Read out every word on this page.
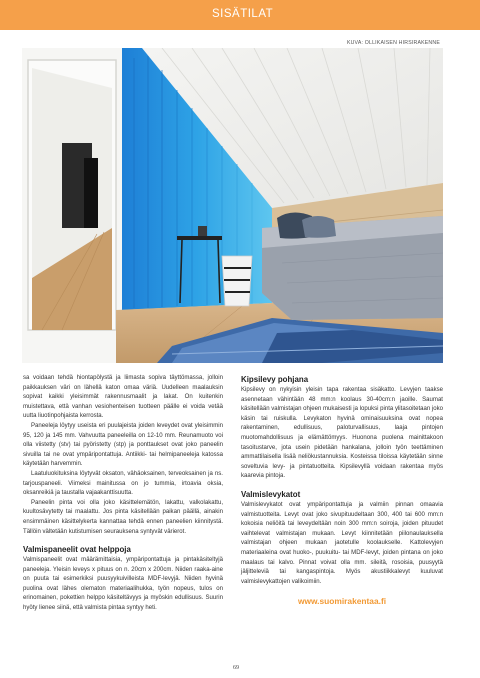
SISÄTILAT
KUVA: OLLIKAISEN HIRSIRAKENNE

sa voidaan tehdä hiontapölystä ja liimasta sopiva täyttömassa, jolloin paikkauksen väri on lähellä katon omaa väriä. Uudelleen maalauksin sopivat kaikki yleisimmät rakennusmaalit ja lakat. On kuitenkin muistettava, että vanhan vesiohenteisen tuotteen päälle ei voida vetää uutta liuotinpohjaista kerrosta.

Paneeleja löytyy useista eri puulajeista joiden leveydet ovat yleisimmin 95, 120 ja 145 mm. Vahvuutta paneeleilla on 12-10 mm. Reunamuoto voi olla viistetty (stv) tai pyöristetty (stp) ja ponttaukset ovat joko paneelin sivuilla tai ne ovat ympäripontattuja. Antiikki- tai helmipaneeleja katossa käytetään harvemmin.

Laatuluokituksina löytyvät oksaton, vähäoksainen, terveoksainen ja ns. tarjouspaneeli. Viimeksi mainitussa on jo tummia, irtoavia oksia, oksanreikiä ja taustalla vajaakanttisuutta.

Paneelin pinta voi olla joko käsittelemätön, lakattu, valkolakattu, kuultosävytetty tai maalattu. Jos pinta käsitellään paikan päällä, ainakin ensimmäinen käsittelykerta kannattaa tehdä ennen paneelien kiinnitystä. Tällöin vältetään kutistumisen seurauksena syntyvät värierot.

Valmispaneelit ovat helppoja

Valmispaneelit ovat määrämittaisia, ympäripontattuja ja pintakäsiteltyjä paneeleja. Yleisin leveys x pituus on n. 20cm x 200cm. Niiden raaka-aine on puuta tai esimerkiksi puusyykuivilleista MDF-levyjä. Niiden hyvinä puolina ovat lähes olematon materiaalihukka, työn nopeus, tulos on erinomainen, pokettien helppo käsiteltävyys ja myöskin edullisuus. Suurin hyöty lienee siinä, että valmista pintaa syntyy heti.

Kipsilevy pohjana

Kipsilevy on nykyisin yleisin tapa rakentaa sisäkatto. Levyjen taakse asennetaan vähintään 48 mm:n koolaus 30-40cm:n jaoille. Saumat käsitellään valmistajan ohjeen mukaisesti ja lopuksi pinta ylitasoitetaan joko käsin tai ruiskulla. Levykaton hyvinä ominaisuuksina ovat nopea rakentaminen, edullisuus, paloturvallisuus, laaja pintojen muotomahdollisuus ja elämättömyys. Huonona puolena mainittakoon tasoitustarve, jota usein pidetään hankalana, jolloin työn teettäminen ammattilaisella lisää neliökustannuksia. Kosteissa tiloissa käytetään sinne soveltuvia levy- ja pintatuotteita. Kipsilevyllä voidaan rakentaa myös kaarevia pintoja.

Valmislevykatot

Valmislevykatot ovat ympäripontattuja ja valmiin pinnan omaavia valmistuotteita. Levyt ovat joko sivupituudeltaan 300, 400 tai 600 mm:n kokoisia neliöitä tai leveydeltään noin 300 mm:n soiroja, joiden pituudet vaihtelevat valmistajan mukaan. Levyt kiinnitetään piilonaulauksella valmistajan ohjeen mukaan jaotetulle koolaukselle. Kattolevyjen materiaaleina ovat huoko-, puukuitu- tai MDF-levyt, joiden pintana on joko maalaus tai kalvo. Pinnat voivat olla mm. sileitä, rosoisia, puusyytä jäljitteleviä tai kangaspintoja. Myös akustiikkalevyt kuuluvat valmislevykattojen valikoimiin.

www.suomirakentaa.fi
69
